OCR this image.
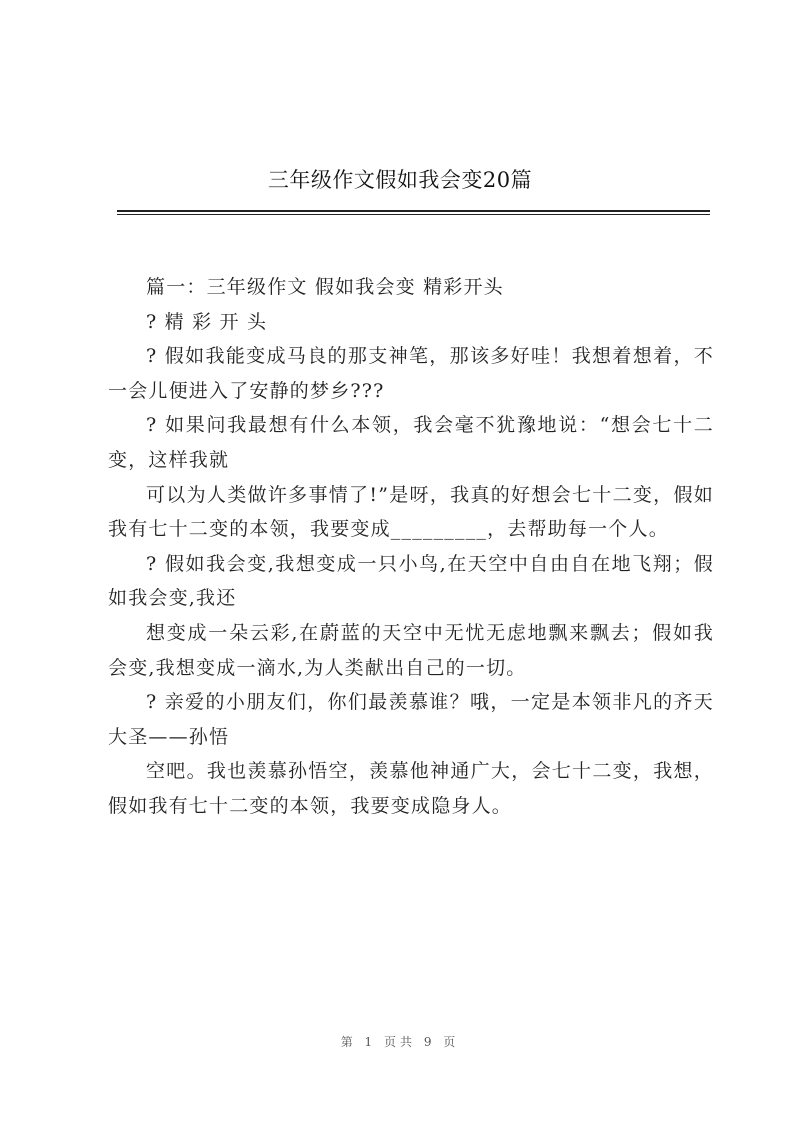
三年级作文假如我会变20篇

篇一：三年级作文 假如我会变 精彩开头

? 精 彩 开 头

? 假如我能变成马良的那支神笔，那该多好哇！我想着想着，不一会儿便进入了安静的梦乡???

? 如果问我最想有什么本领，我会毫不犹豫地说：“想会七十二变，这样我就

可以为人类做许多事情了!”是呀，我真的好想会七十二变，假如我有七十二变的本领，我要变成_________，去帮助每一个人。

? 假如我会变,我想变成一只小鸟,在天空中自由自在地飞翔；假如我会变,我还

想变成一朵云彩,在蔚蓝的天空中无忧无虑地飘来飘去；假如我会变,我想变成一滴水,为人类献出自己的一切。

? 亲爱的小朋友们，你们最羡慕谁？哦，一定是本领非凡的齐天大圣——孙悟

空吧。我也羡慕孙悟空，羡慕他神通广大，会七十二变，我想，假如我有七十二变的本领，我要变成隐身人。

第 1 页共 9 页
